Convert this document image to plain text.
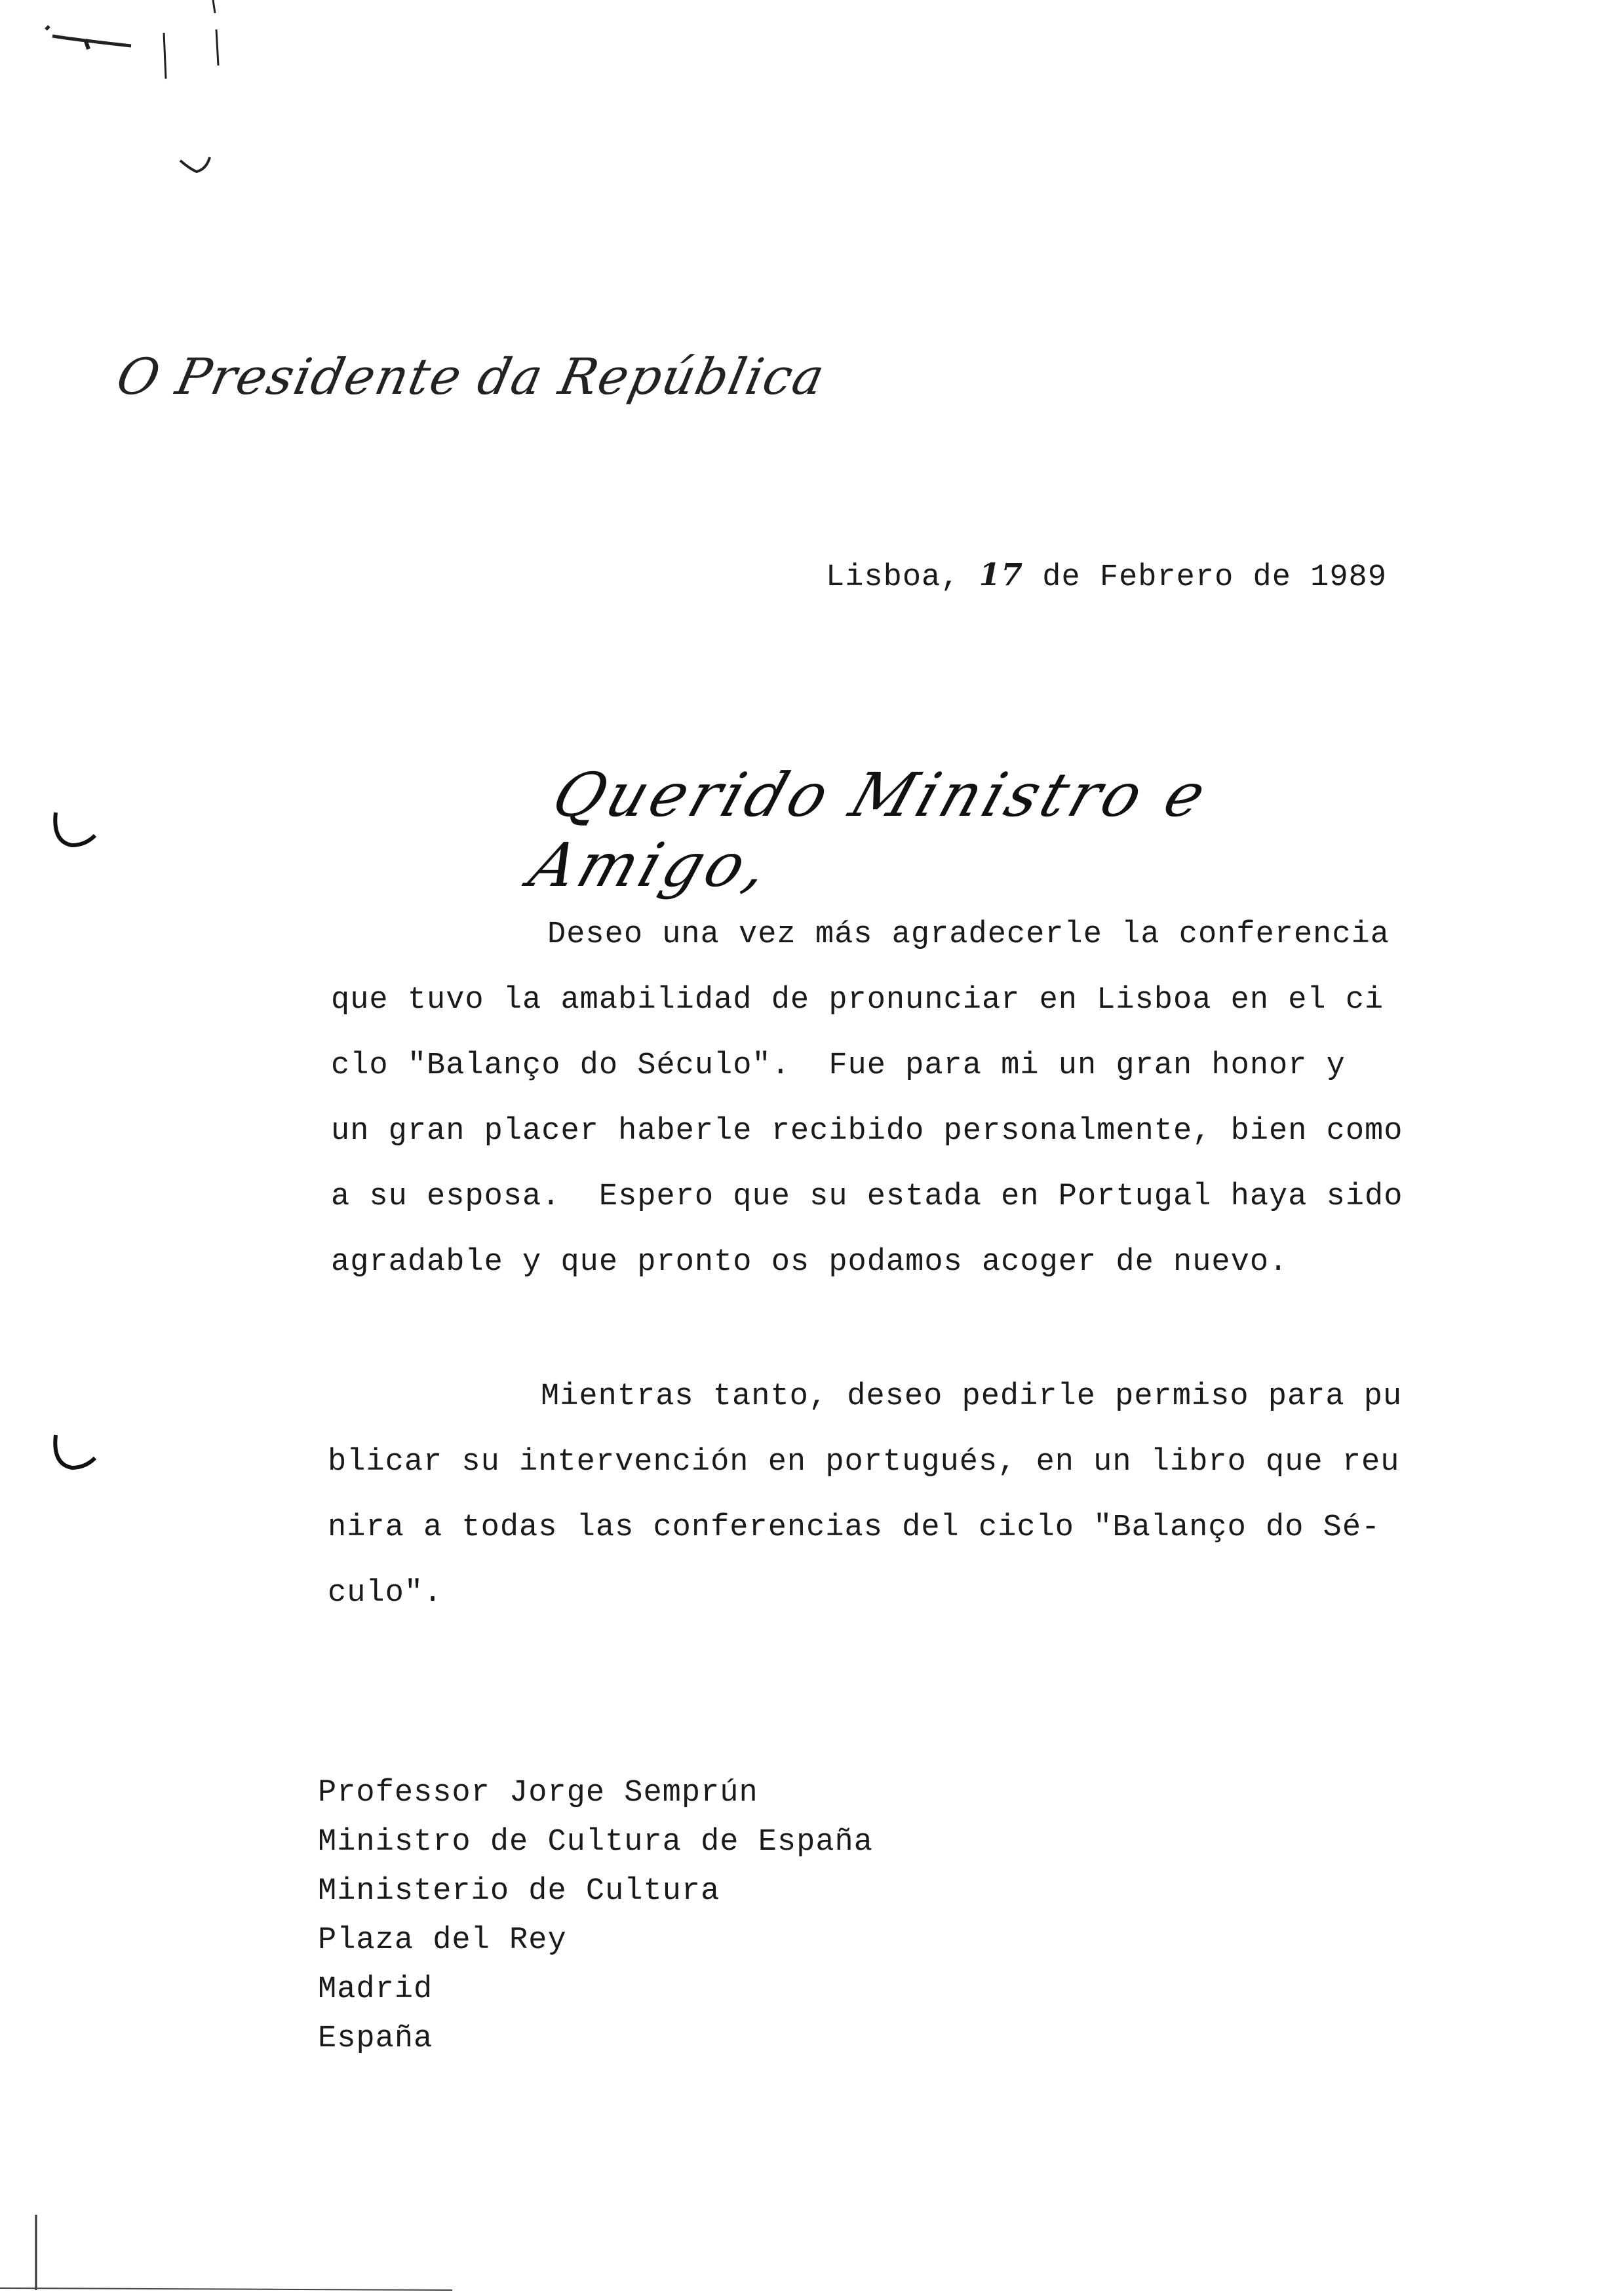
O Presidente da República
Lisboa, 17 de Febrero de 1989
Querido Ministro e Amigo,
Deseo una vez más agradecerle la conferencia
que tuvo la amabilidad de pronunciar en Lisboa en el ci
clo "Balanço do Século".  Fue para mi un gran honor y
un gran placer haberle recibido personalmente, bien como
a su esposa.  Espero que su estada en Portugal haya sido
agradable y que pronto os podamos acoger de nuevo.
Mientras tanto, deseo pedirle permiso para pu
blicar su intervención en portugués, en un libro que reu
nira a todas las conferencias del ciclo "Balanço do Sé-
culo".
Professor Jorge Semprún
Ministro de Cultura de España
Ministerio de Cultura
Plaza del Rey
Madrid
España
